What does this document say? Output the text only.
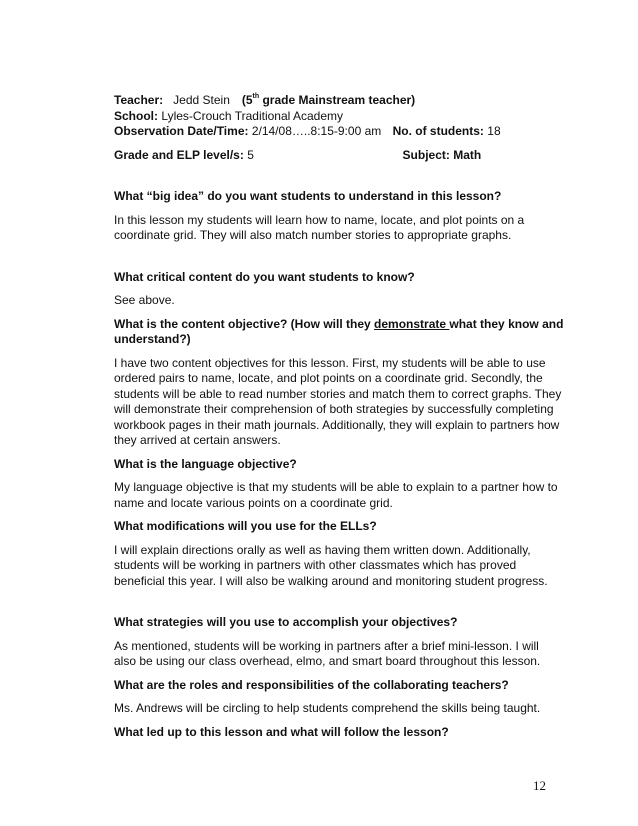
Teacher: Jedd Stein (5th grade Mainstream teacher)

School: Lyles-Crouch Traditional Academy

Observation Date/Time: 2/14/08…..8:15-9:00 am No. of students: 18

Grade and ELP level/s: 5	Subject: Math

What “big idea” do you want students to understand in this lesson?

In this lesson my students will learn how to name, locate, and plot points on a coordinate grid. They will also match number stories to appropriate graphs.

What critical content do you want students to know?

See above.

What is the content objective? (How will they demonstrate what they know and understand?)

I have two content objectives for this lesson. First, my students will be able to use ordered pairs to name, locate, and plot points on a coordinate grid. Secondly, the students will be able to read number stories and match them to correct graphs. They will demonstrate their comprehension of both strategies by successfully completing workbook pages in their math journals. Additionally, they will explain to partners how they arrived at certain answers.

What is the language objective?

My language objective is that my students will be able to explain to a partner how to name and locate various points on a coordinate grid.

What modifications will you use for the ELLs?

I will explain directions orally as well as having them written down. Additionally, students will be working in partners with other classmates which has proved beneficial this year. I will also be walking around and monitoring student progress.

What strategies will you use to accomplish your objectives?

As mentioned, students will be working in partners after a brief mini-lesson. I will also be using our class overhead, elmo, and smart board throughout this lesson.

What are the roles and responsibilities of the collaborating teachers?

Ms. Andrews will be circling to help students comprehend the skills being taught.

What led up to this lesson and what will follow the lesson?

12
